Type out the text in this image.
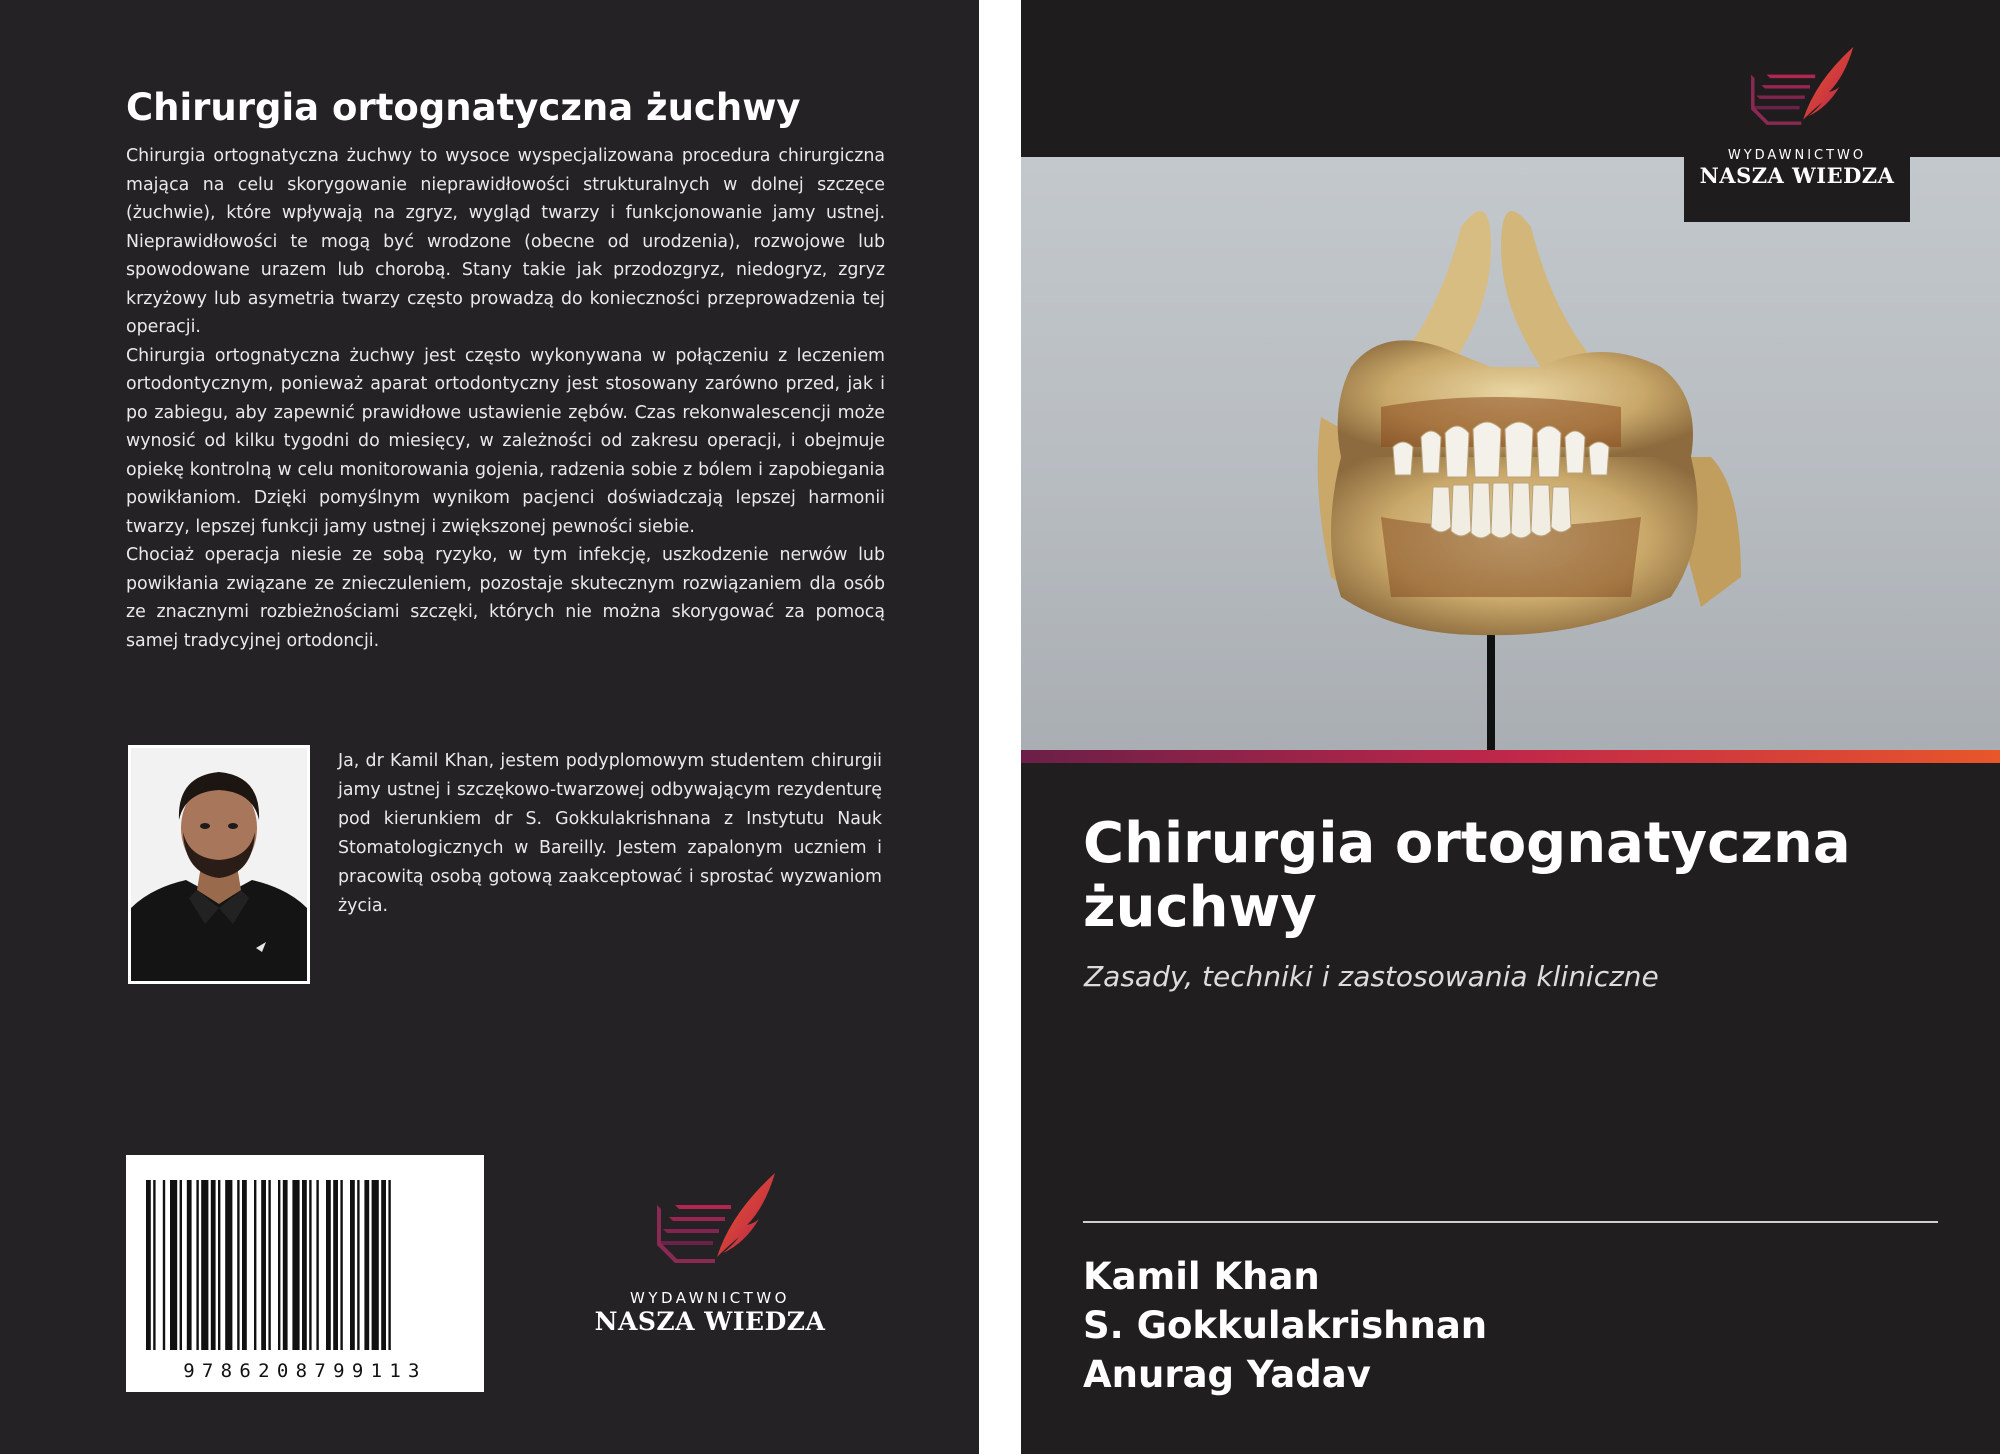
Chirurgia ortognatyczna żuchwy

Chirurgia ortognatyczna żuchwy to wysoce wyspecjalizowana procedura chirurgiczna mająca na celu skorygowanie nieprawidłowości strukturalnych w dolnej szczęce (żuchwie), które wpływają na zgryz, wygląd twarzy i funkcjonowanie jamy ustnej. Nieprawidłowości te mogą być wrodzone (obecne od urodzenia), rozwojowe lub spowodowane urazem lub chorobą. Stany takie jak przodozgryz, niedogryz, zgryz krzyżowy lub asymetria twarzy często prowadzą do konieczności przeprowadzenia tej operacji.

Chirurgia ortognatyczna żuchwy jest często wykonywana w połączeniu z leczeniem ortodontycznym, ponieważ aparat ortodontyczny jest stosowany zarówno przed, jak i po zabiegu, aby zapewnić prawidłowe ustawienie zębów. Czas rekonwalescencji może wynosić od kilku tygodni do miesięcy, w zależności od zakresu operacji, i obejmuje opiekę kontrolną w celu monitorowania gojenia, radzenia sobie z bólem i zapobiegania powikłaniom. Dzięki pomyślnym wynikom pacjenci doświadczają lepszej harmonii twarzy, lepszej funkcji jamy ustnej i zwiększonej pewności siebie.

Chociaż operacja niesie ze sobą ryzyko, w tym infekcję, uszkodzenie nerwów lub powikłania związane ze znieczuleniem, pozostaje skutecznym rozwiązaniem dla osób ze znacznymi rozbieżnościami szczęki, których nie można skorygować za pomocą samej tradycyjnej ortodoncji.

Ja, dr Kamil Khan, jestem podyplomowym studentem chirurgii jamy ustnej i szczękowo-twarzowej odbywającym rezydenturę pod kierunkiem dr S. Gokkulakrishnana z Instytutu Nauk Stomatologicznych w Bareilly. Jestem zapalonym uczniem i pracowitą osobą gotową zaakceptować i sprostać wyzwaniom życia.
9786208799113
WYDAWNICTWO
NASZA WIEDZA
WYDAWNICTWO
NASZA WIEDZA
Chirurgia ortognatyczna żuchwy
Zasady, techniki i zastosowania kliniczne
Kamil Khan
S. Gokkulakrishnan
Anurag Yadav
